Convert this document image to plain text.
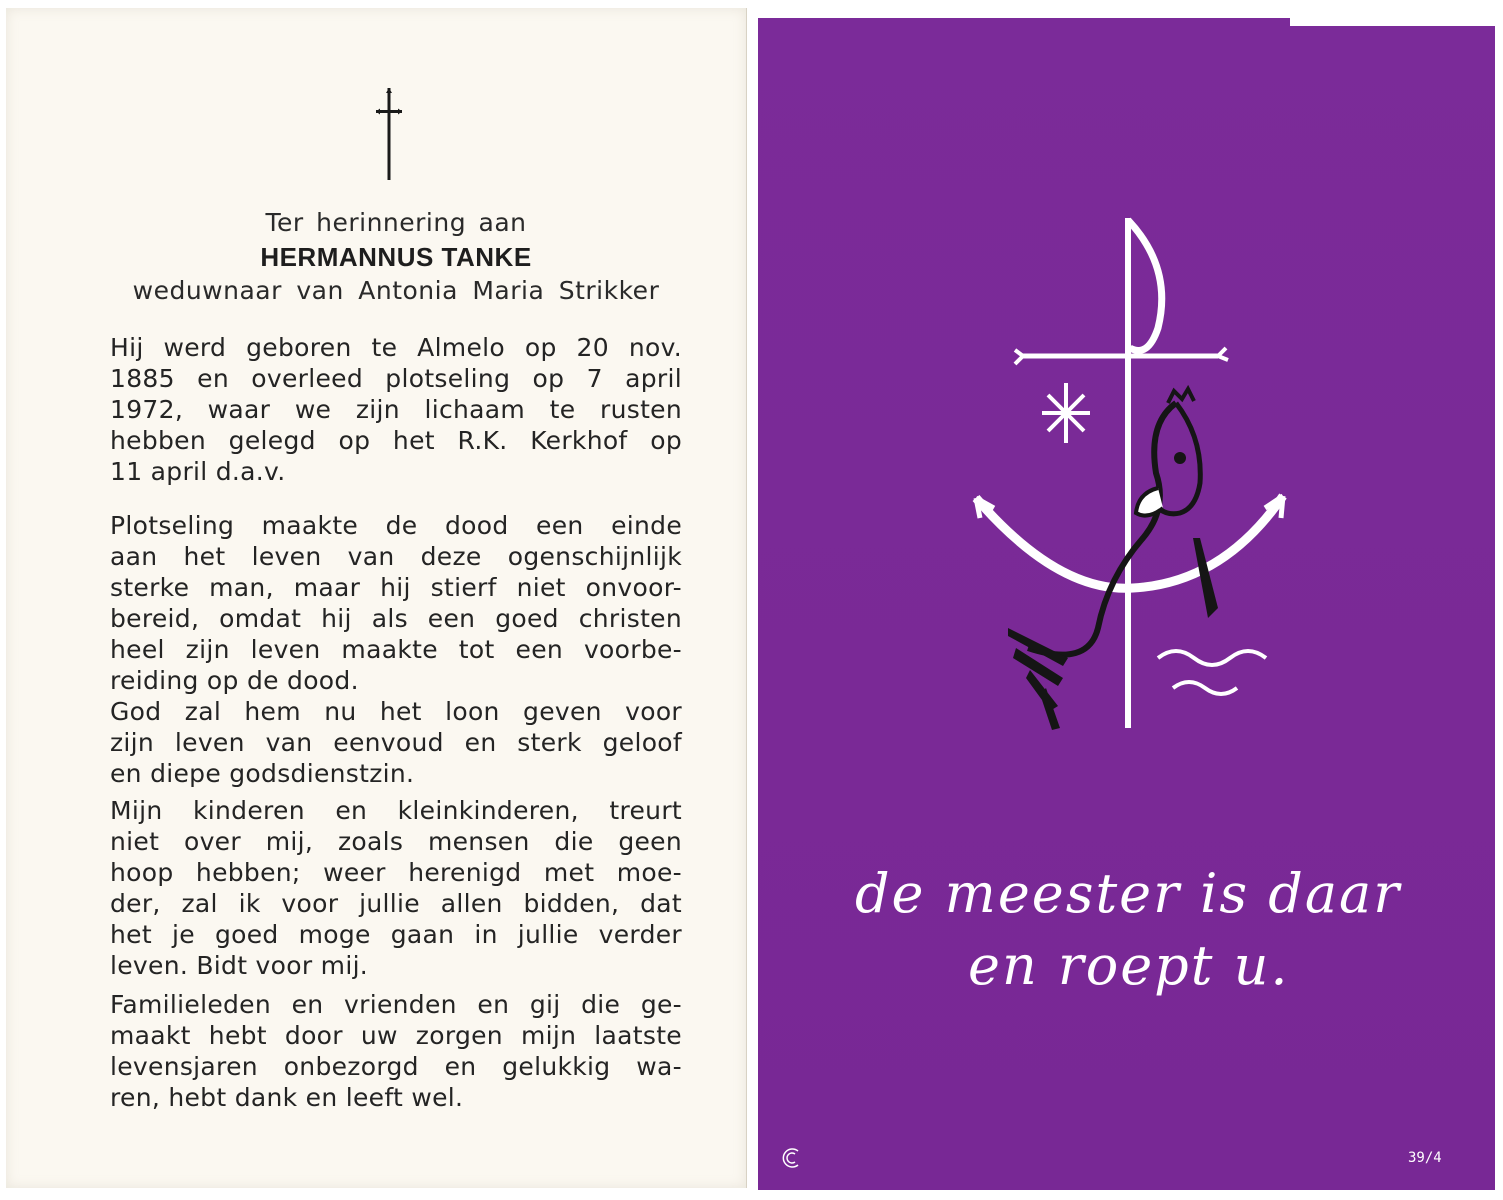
Ter herinnering aan
HERMANNUS TANKE
weduwnaar van Antonia Maria Strikker
Hij werd geboren te Almelo op 20 nov.
1885 en overleed plotseling op 7 april
1972, waar we zijn lichaam te rusten
hebben gelegd op het R.K. Kerkhof op
11 april d.a.v.
Plotseling maakte de dood een einde
aan het leven van deze ogenschijnlijk
sterke man, maar hij stierf niet onvoor-
bereid, omdat hij als een goed christen
heel zijn leven maakte tot een voorbe-
reiding op de dood.
God zal hem nu het loon geven voor
zijn leven van eenvoud en sterk geloof
en diepe godsdienstzin.
Mijn kinderen en kleinkinderen, treurt
niet over mij, zoals mensen die geen
hoop hebben; weer herenigd met moe-
der, zal ik voor jullie allen bidden, dat
het je goed moge gaan in jullie verder
leven. Bidt voor mij.
Familieleden en vrienden en gij die ge-
maakt hebt door uw zorgen mijn laatste
levensjaren onbezorgd en gelukkig wa-
ren, hebt dank en leeft wel.
de meester is daar
en roept u.
39/4
